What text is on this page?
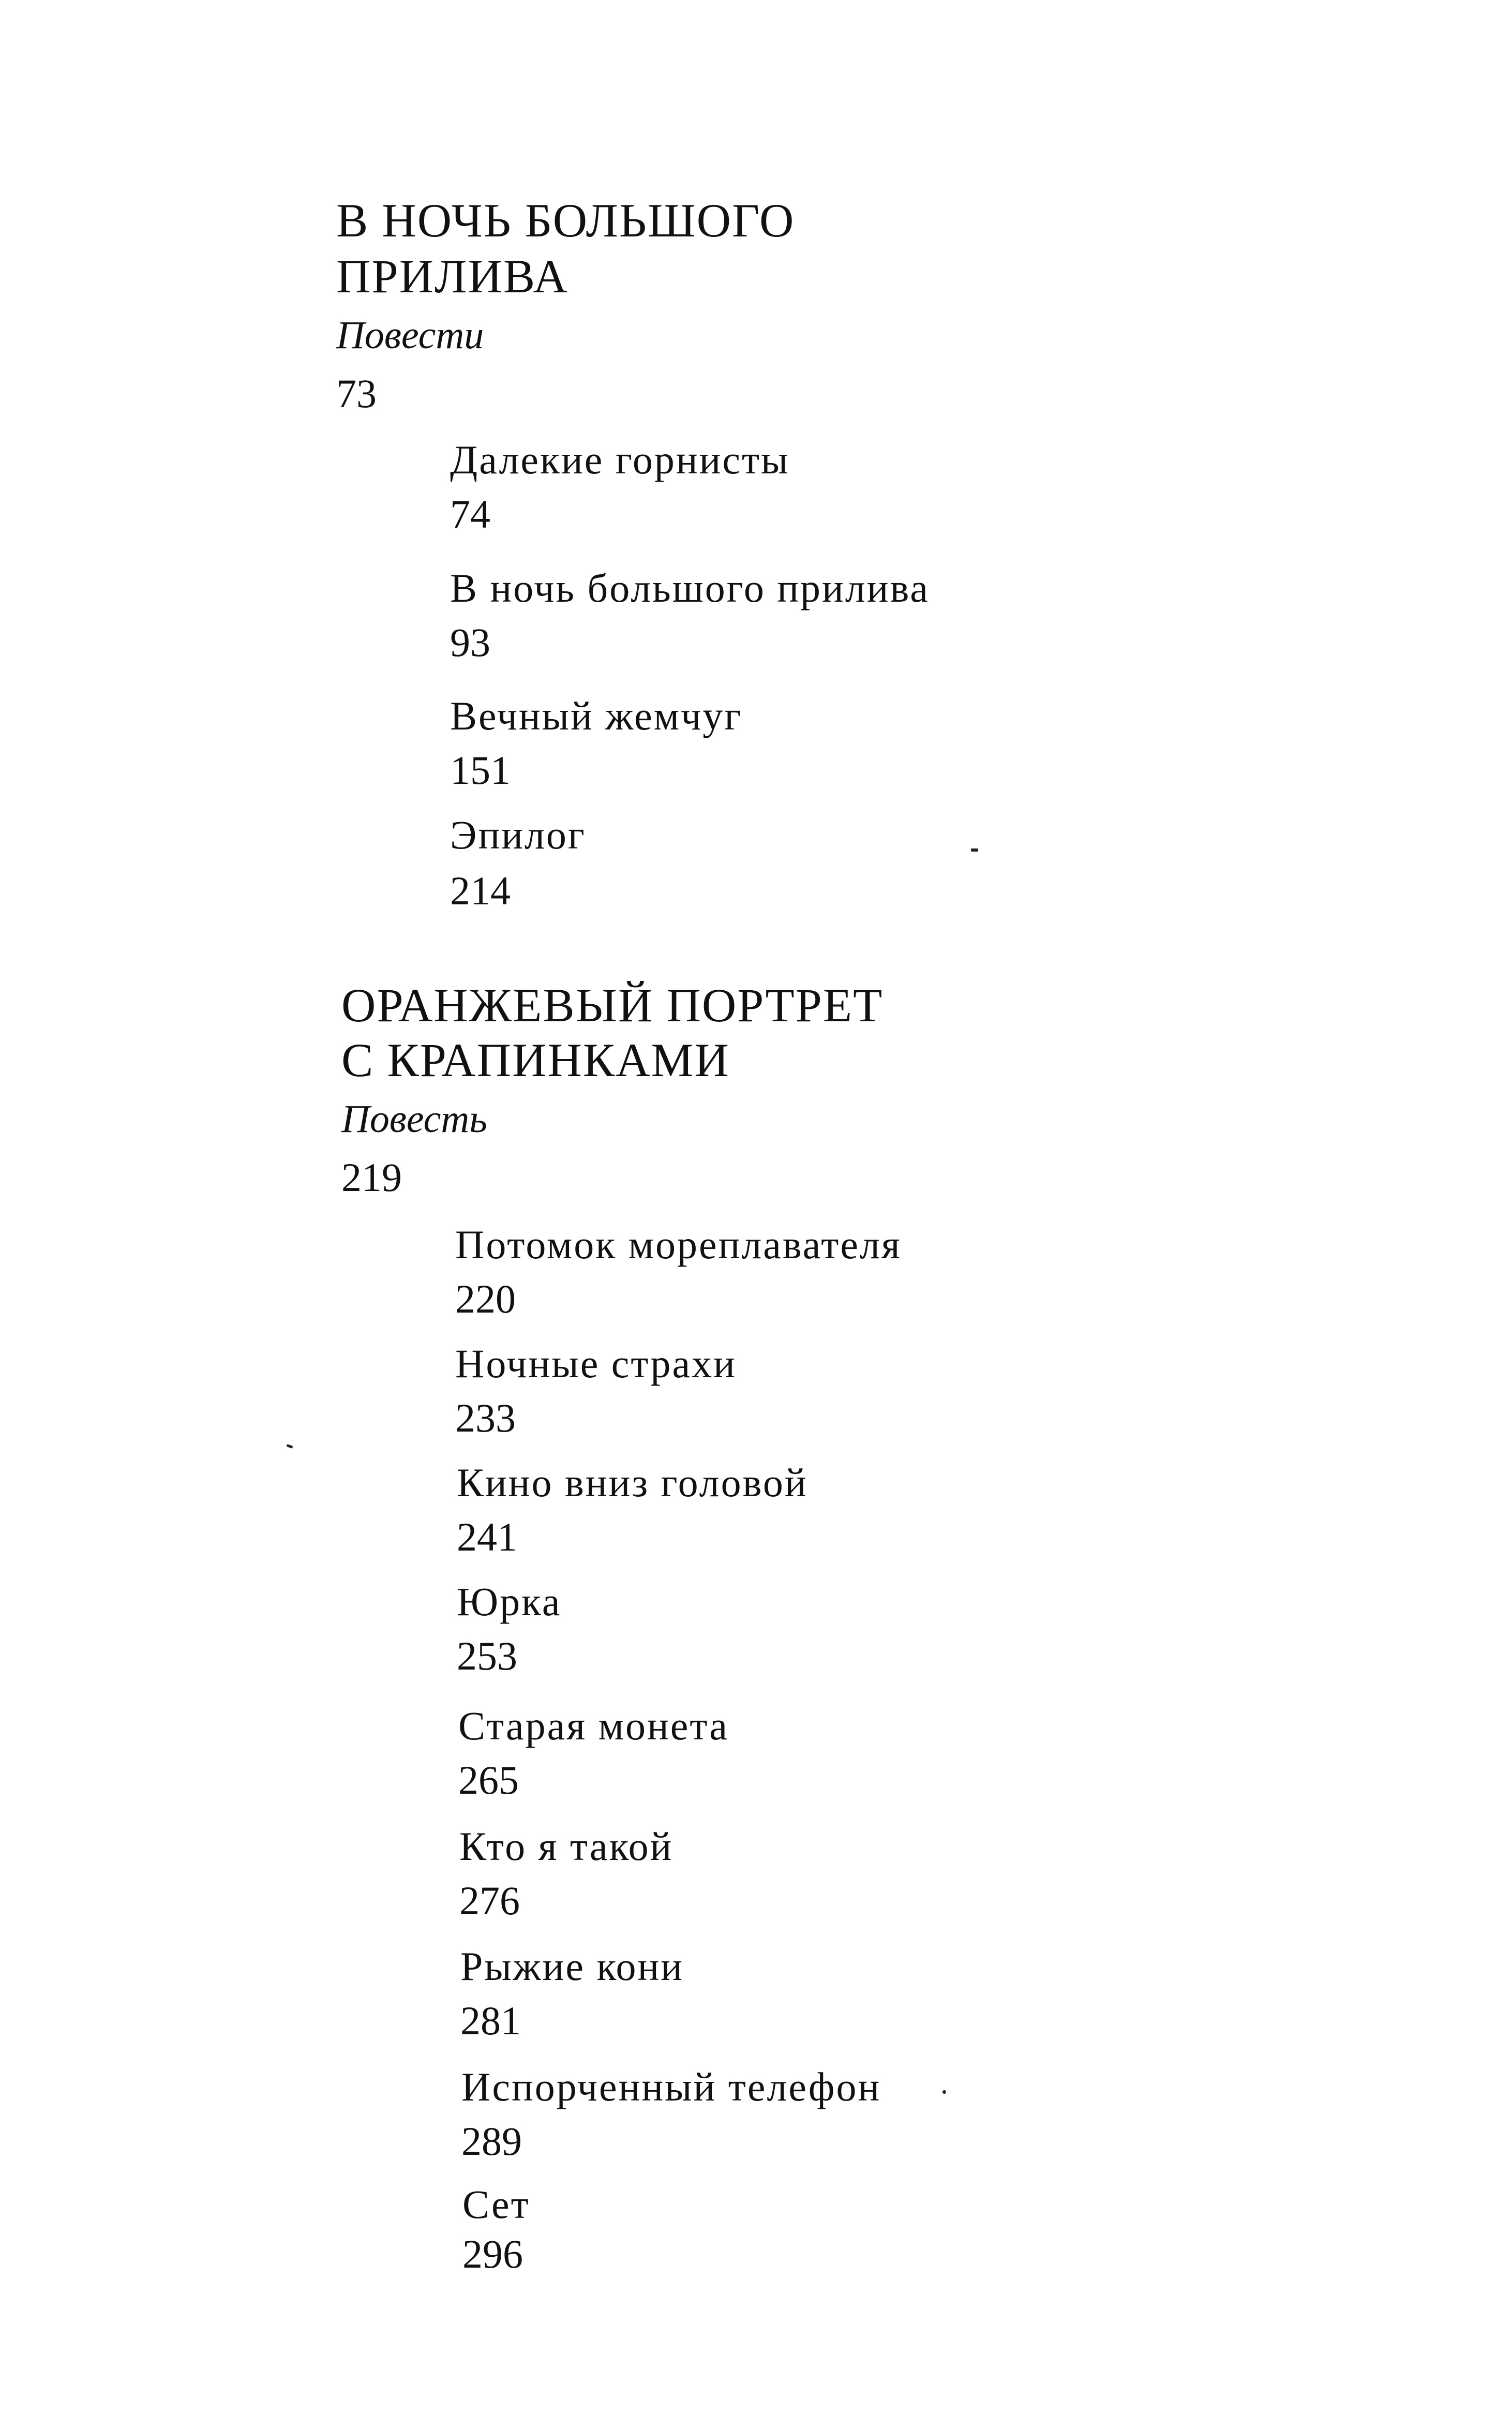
В НОЧЬ БОЛЬШОГО
ПРИЛИВА
Повести
73
Далекие горнисты
74
В ночь большого прилива
93
Вечный жемчуг
151
Эпилог
214
ОРАНЖЕВЫЙ ПОРТРЕТ
С КРАПИНКАМИ
Повесть
219
Потомок мореплавателя
220
Ночные страхи
233
Кино вниз головой
241
Юрка
253
Старая монета
265
Кто я такой
276
Рыжие кони
281
Испорченный телефон
289
Сет
296
